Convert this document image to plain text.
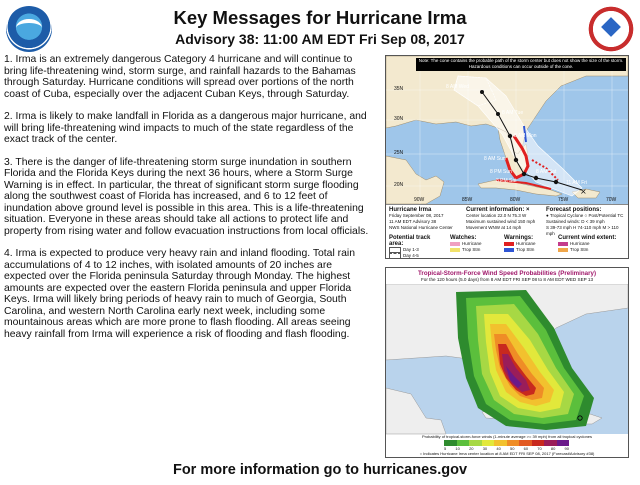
Key Messages for Hurricane Irma
Advisory 38: 11:00 AM EDT Fri Sep 08, 2017

1. Irma is an extremely dangerous Category 4 hurricane and will continue to bring life-threatening wind, storm surge, and rainfall hazards to the Bahamas through Saturday. Hurricane conditions will spread over portions of the north coast of Cuba, especially over the adjacent Cuban Keys, through Saturday.

2. Irma is likely to make landfall in Florida as a dangerous major hurricane, and will bring life-threatening wind impacts to much of the state regardless of the exact track of the center.

3. There is the danger of life-threatening storm surge inundation in southern Florida and the Florida Keys during the next 36 hours, where a Storm Surge Warning is in effect. In particular, the threat of significant storm surge flooding along the southwest coast of Florida has increased, and 6 to 12 feet of inundation above ground level is possible in this area. This is a life-threatening situation. Everyone in these areas should take all actions to protect life and property from rising water and follow evacuation instructions from local officials.

4. Irma is expected to produce very heavy rain and inland flooding. Total rain accumulations of 4 to 12 inches, with isolated amounts of 20 inches are expected over the Florida peninsula Saturday through Monday. The highest amounts are expected over the eastern Florida peninsula and upper Florida Keys. Irma will likely bring periods of heavy rain to much of Georgia, South Carolina, and western North Carolina early next week, including some mountainous areas which are more prone to flash flooding. All areas seeing heavy rainfall from Irma will experience a risk of flooding and flash flooding.

×
Note: The cone contains the probable path of the storm center but does not show the size of the storm. Hazardous conditions can occur outside of the cone.
35N
30N
25N
20N
90W	85W	80W	75W	70W
8 AM Wed
8 AM Tue
8 AM Mon
8 AM Sun
8 PM Sun
8 PM Sat
8 AM Sat
11 AM Fri
Hurricane Irma
Friday September 08, 2017
11 AM EDT Advisory 38
NWS National Hurricane Center
Current information: ×
Center location 22.0 N 75.3 W
Maximum sustained wind 150 mph
Movement WNW at 14 mph
Forecast positions:
● Tropical Cyclone ○ Post/Potential TC
Sustained winds: D < 39 mph
S 39-73 mph H 74-110 mph M > 110 mph
Potential track area:
Day 1-3
Day 4-5
Watches:
Hurricane
Trop Stm
Warnings:
Hurricane
Trop Stm
Current wind extent:
Hurricane
Trop Stm
Tropical-Storm-Force Wind Speed Probabilities (Preliminary)
For the 120 hours (5.0 days) from 8 AM EDT FRI SEP 08 to 8 AM EDT WED SEP 13
Probability of tropical-storm-force winds (1-minute average >= 39 mph) from all tropical cyclones
○ Indicates Hurricane Irma center location at 8 AM EDT FRI SEP 08, 2017 (Forecast/Advisory #38)
5 10 20 30 40 50 60 70 80 90
For more information go to hurricanes.gov
